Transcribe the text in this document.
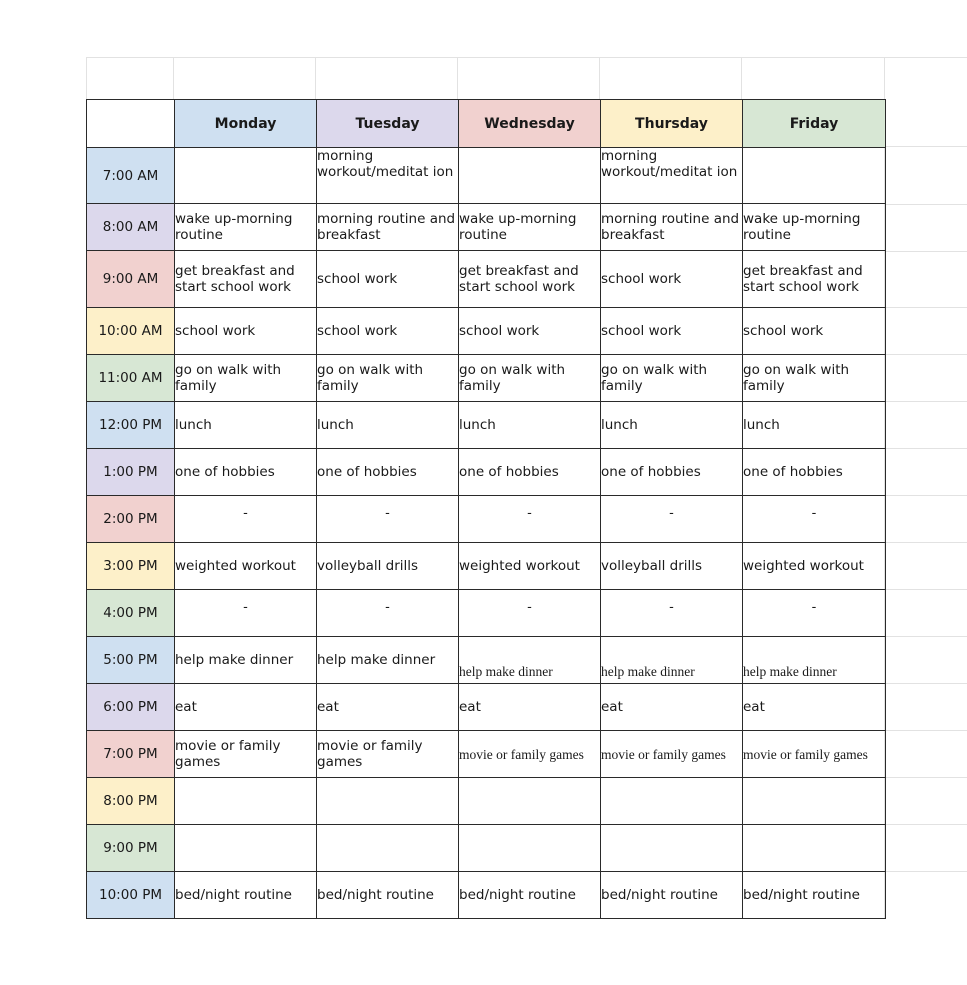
	Monday	Tuesday	Wednesday	Thursday	Friday
7:00 AM		morning workout/meditat ion		morning workout/meditat ion	
8:00 AM	wake up-morning routine	morning routine and breakfast	wake up-morning routine	morning routine and breakfast	wake up-morning routine
9:00 AM	get breakfast and start school work	school work	get breakfast and start school work	school work	get breakfast and start school work
10:00 AM	school work	school work	school work	school work	school work
11:00 AM	go on walk with family	go on walk with family	go on walk with family	go on walk with family	go on walk with family
12:00 PM	lunch	lunch	lunch	lunch	lunch
1:00 PM	one of hobbies	one of hobbies	one of hobbies	one of hobbies	one of hobbies
2:00 PM	-	-	-	-	-
3:00 PM	weighted workout	volleyball drills	weighted workout	volleyball drills	weighted workout
4:00 PM	-	-	-	-	-
5:00 PM	help make dinner	help make dinner	help make dinner	help make dinner	help make dinner
6:00 PM	eat	eat	eat	eat	eat
7:00 PM	movie or family games	movie or family games	movie or family games	movie or family games	movie or family games
8:00 PM					
9:00 PM					
10:00 PM	bed/night routine	bed/night routine	bed/night routine	bed/night routine	bed/night routine
